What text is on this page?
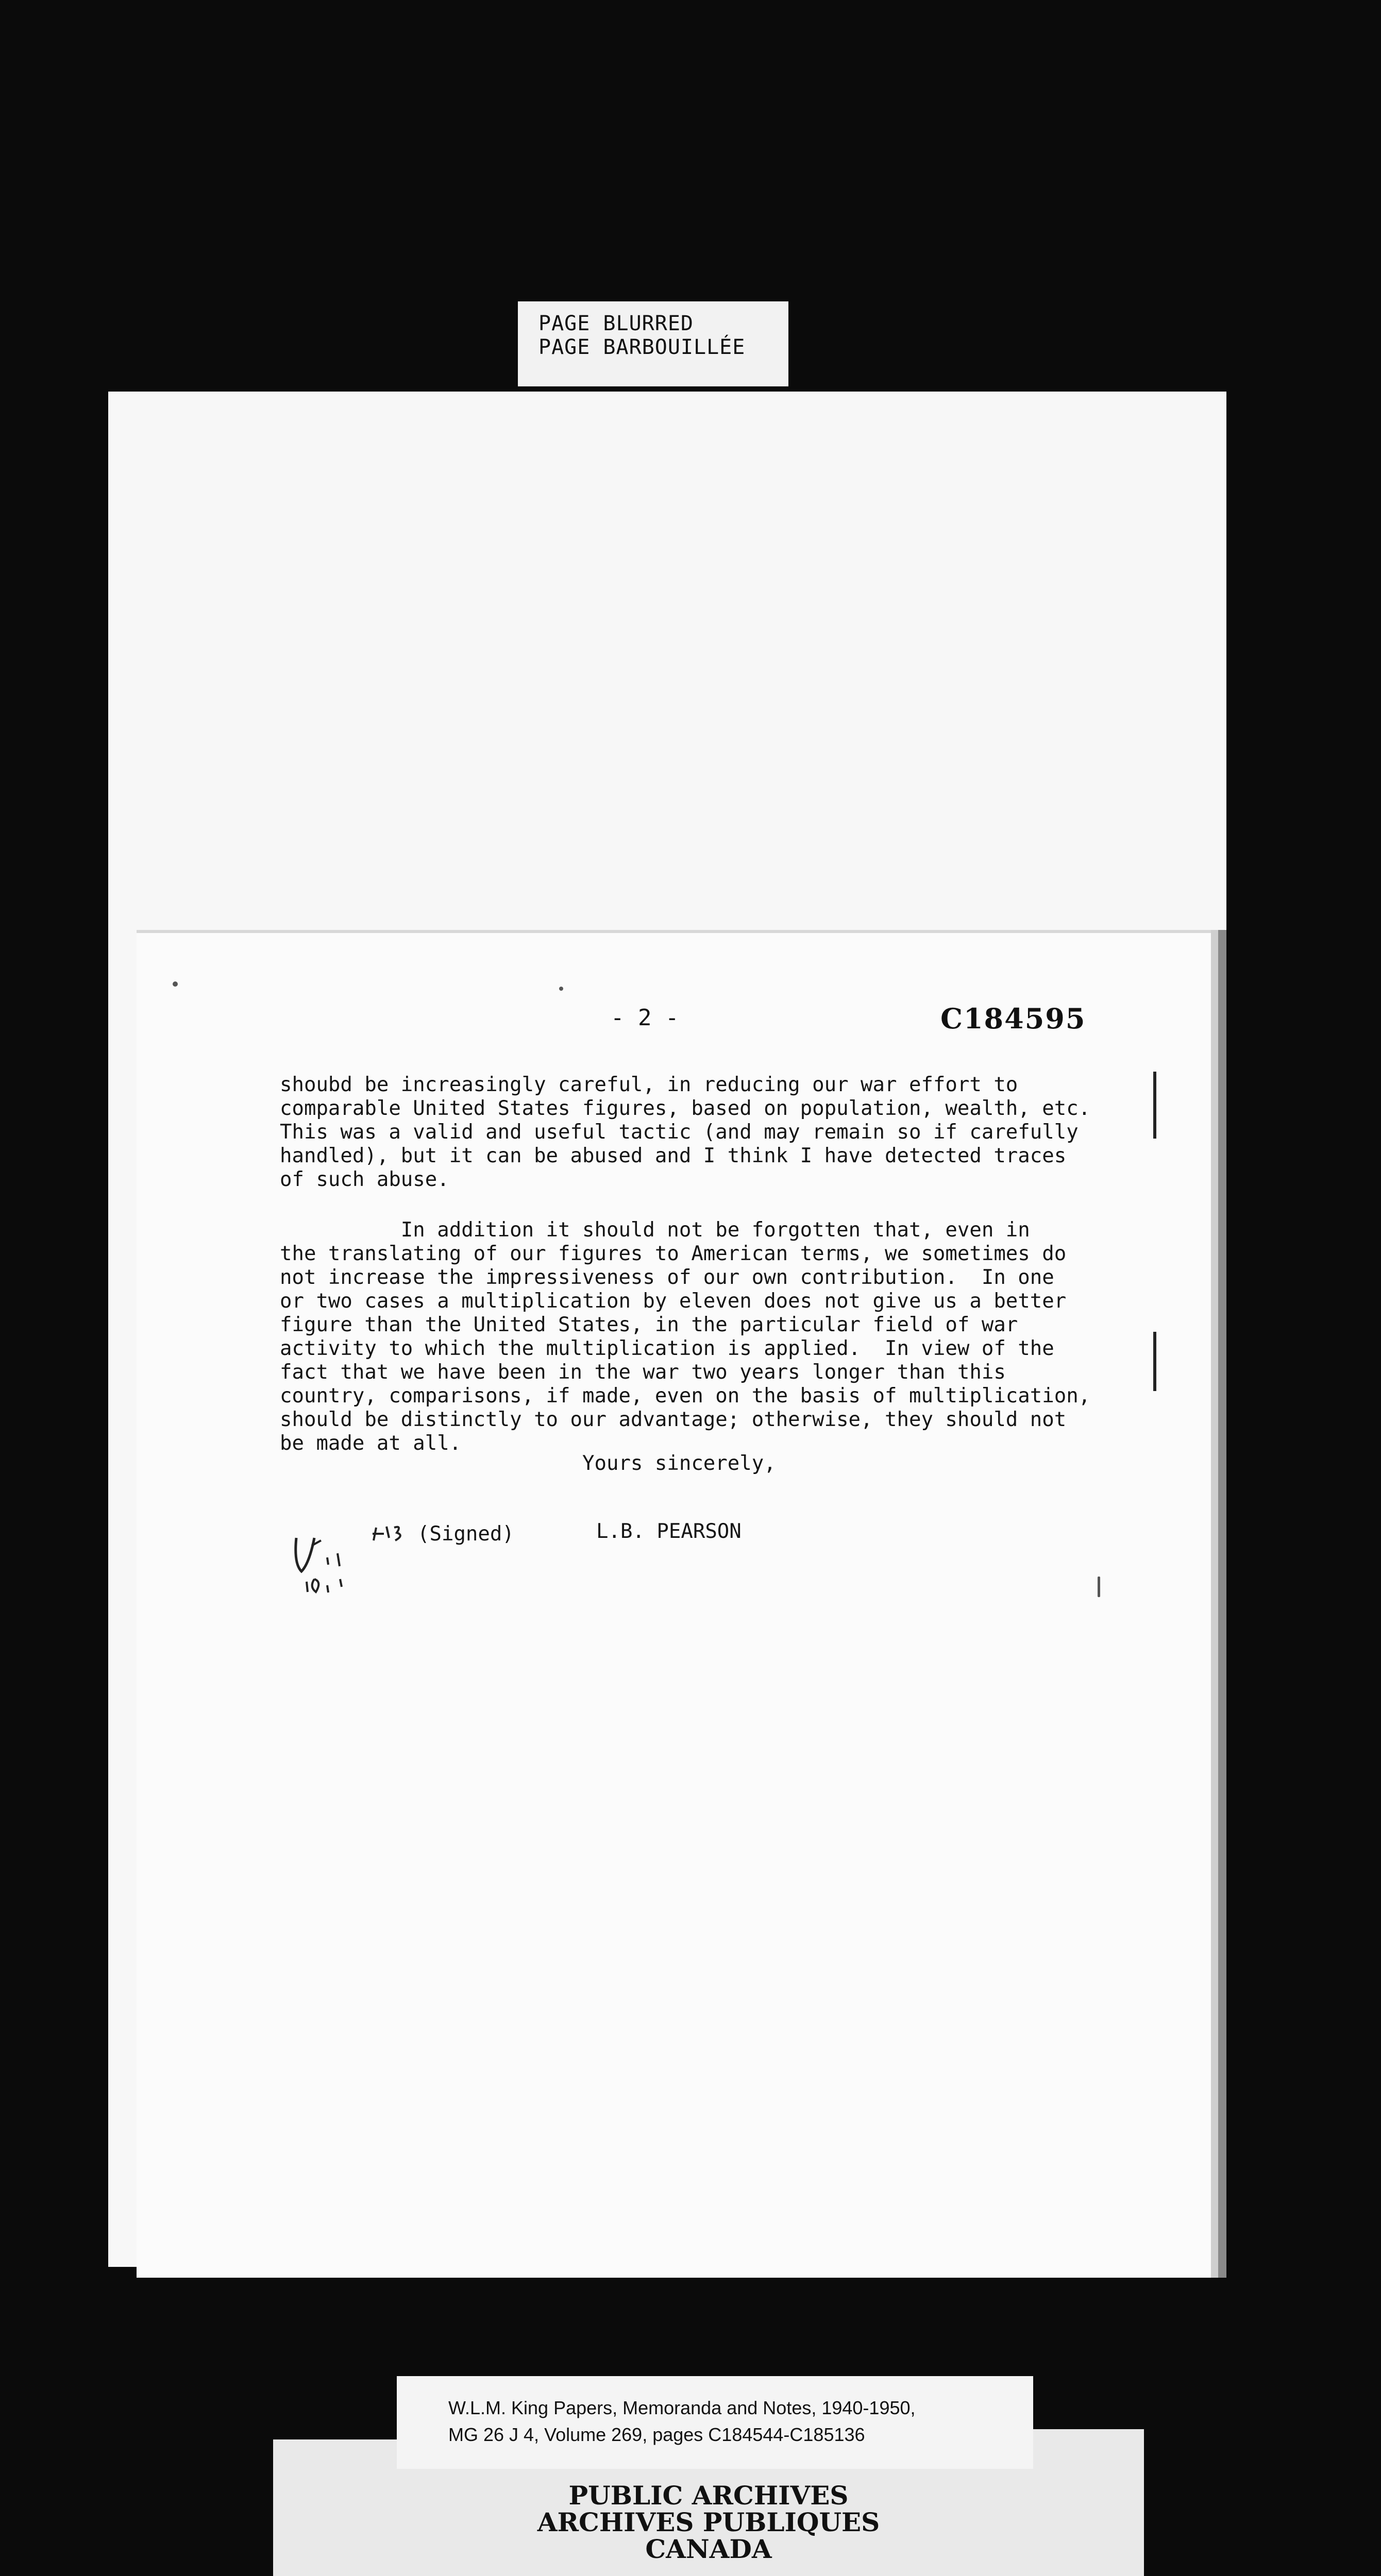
PAGE BLURRED
PAGE BARBOUILLÉE
- 2 -	C184595

shoubd be increasingly careful, in reducing our war effort to

comparable United States figures, based on population, wealth, etc.

This was a valid and useful tactic (and may remain so if carefully

handled), but it can be abused and I think I have detected traces

of such abuse.

In addition it should not be forgotten that, even in

the translating of our figures to American terms, we sometimes do

not increase the impressiveness of our own contribution.  In one

or two cases a multiplication by eleven does not give us a better

figure than the United States, in the particular field of war

activity to which the multiplication is applied.  In view of the

fact that we have been in the war two years longer than this

country, comparisons, if made, even on the basis of multiplication,

should be distinctly to our advantage; otherwise, they should not

be made at all.

Yours sincerely,
(Signed)	L.B. PEARSON
W.L.M. King Papers, Memoranda and Notes, 1940-1950,
MG 26 J 4, Volume 269, pages C184544-C185136
PUBLIC ARCHIVES
ARCHIVES PUBLIQUES
CANADA
